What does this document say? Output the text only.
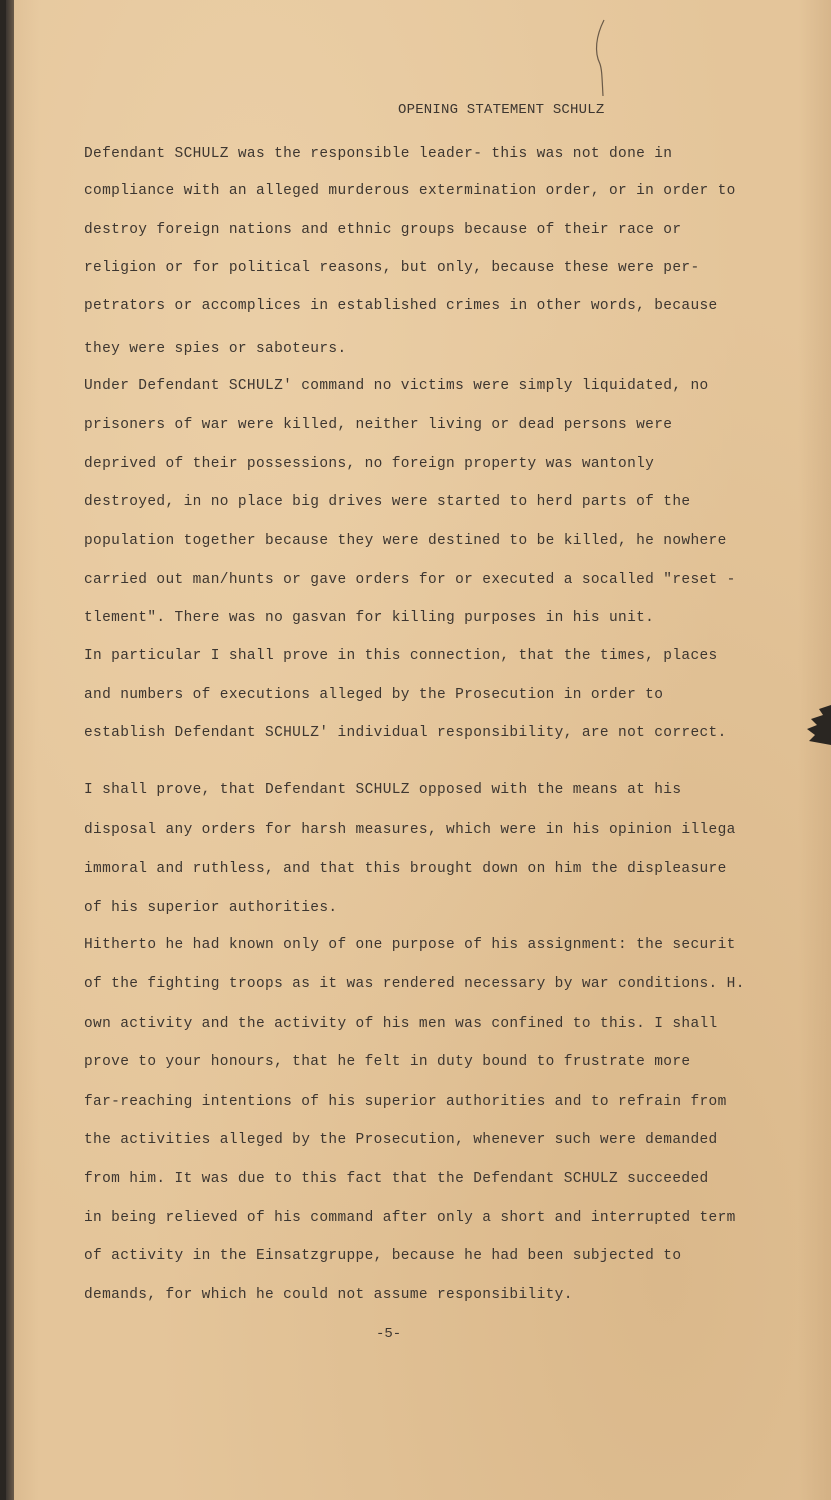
OPENING STATEMENT SCHULZ
Defendant SCHULZ was the responsible leader- this was not done in
compliance with an alleged murderous extermination order, or in order to
destroy foreign nations and ethnic groups because of their race or
religion or for political reasons, but only, because these were per-
petrators or accomplices in established crimes in other words, because
they were spies or saboteurs.
Under Defendant SCHULZ' command no victims were simply liquidated, no
prisoners of war were killed, neither living or dead persons were
deprived of their possessions, no foreign property was wantonly
destroyed, in no place big drives were started to herd parts of the
population together because they were destined to be killed, he nowhere
carried out man/hunts or gave orders for or executed a socalled "reset -
tlement". There was no gasvan for killing purposes in his unit.
In particular I shall prove in this connection, that the times, places
and numbers of executions alleged by the Prosecution in order to
establish Defendant SCHULZ' individual responsibility, are not correct.
I shall prove, that Defendant SCHULZ opposed with the means at his
disposal any orders for harsh measures, which were in his opinion illega
immoral and ruthless, and that this brought down on him the displeasure
of his superior authorities.
Hitherto he had known only of one purpose of his assignment: the securit
of the fighting troops as it was rendered necessary by war conditions. H.
own activity and the activity of his men was confined to this. I shall
prove to your honours, that he felt in duty bound to frustrate more
far-reaching intentions of his superior authorities and to refrain from
the activities alleged by the Prosecution, whenever such were demanded
from him. It was due to this fact that the Defendant SCHULZ succeeded
in being relieved of his command after only a short and interrupted term
of activity in the Einsatzgruppe, because he had been subjected to
demands, for which he could not assume responsibility.
-5-
